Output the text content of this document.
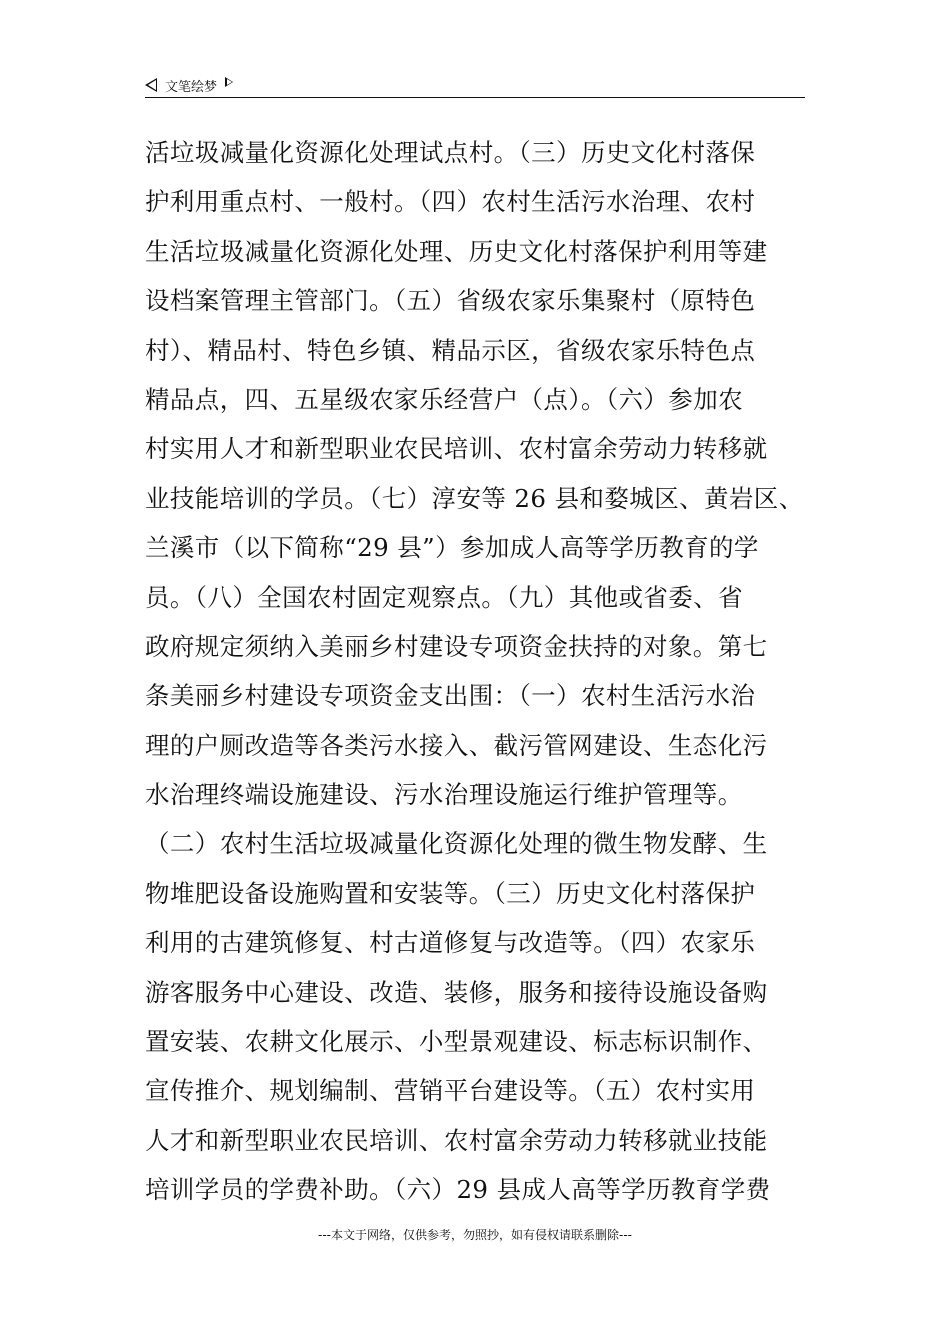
文笔绘梦
活垃圾减量化资源化处理试点村。（三）历史文化村落保
护利用重点村、一般村。（四）农村生活污水治理、农村
生活垃圾减量化资源化处理、历史文化村落保护利用等建
设档案管理主管部门。（五）省级农家乐集聚村（原特色
村）、精品村、特色乡镇、精品示区，省级农家乐特色点
精品点，四、五星级农家乐经营户（点）。（六）参加农
村实用人才和新型职业农民培训、农村富余劳动力转移就
业技能培训的学员。（七）淳安等 26 县和婺城区、黄岩区、
兰溪市（以下简称“29 县”）参加成人高等学历教育的学
员。（八）全国农村固定观察点。（九）其他或省委、省
政府规定须纳入美丽乡村建设专项资金扶持的对象。第七
条美丽乡村建设专项资金支出围：（一）农村生活污水治
理的户厕改造等各类污水接入、截污管网建设、生态化污
水治理终端设施建设、污水治理设施运行维护管理等。
（二）农村生活垃圾减量化资源化处理的微生物发酵、生
物堆肥设备设施购置和安装等。（三）历史文化村落保护
利用的古建筑修复、村古道修复与改造等。（四）农家乐
游客服务中心建设、改造、装修，服务和接待设施设备购
置安装、农耕文化展示、小型景观建设、标志标识制作、
宣传推介、规划编制、营销平台建设等。（五）农村实用
人才和新型职业农民培训、农村富余劳动力转移就业技能
培训学员的学费补助。（六）29 县成人高等学历教育学费
---本文于网络，仅供参考，勿照抄，如有侵权请联系删除---
